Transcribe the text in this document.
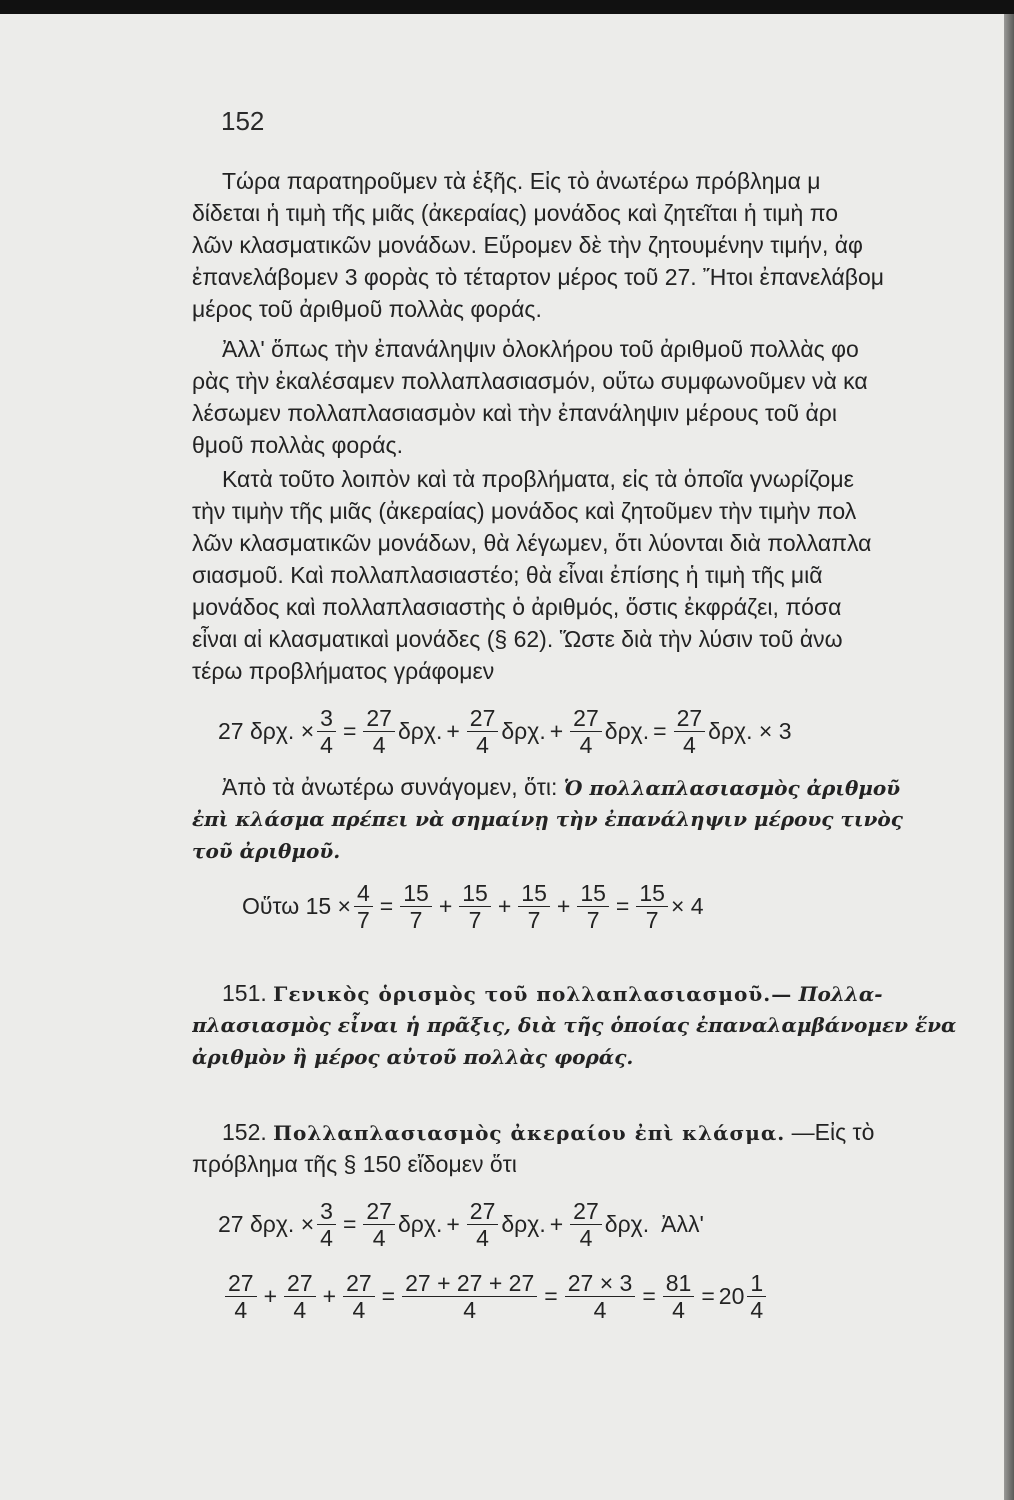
152
Τώρα παρατηροῦμεν τὰ ἑξῆς. Εἰς τὸ ἀνωτέρω πρόβλημα μ
δίδεται ἡ τιμὴ τῆς μιᾶς (ἀκεραίας) μονάδος καὶ ζητεῖται ἡ τιμὴ πο
λῶν κλασματικῶν μονάδων. Εὕρομεν δὲ τὴν ζητουμένην τιμήν, ἀφ
ἐπανελάβομεν 3 φορὰς τὸ τέταρτον μέρος τοῦ 27. Ἤτοι ἐπανελάβομ
μέρος τοῦ ἀριθμοῦ πολλὰς φοράς.
Ἀλλ' ὅπως τὴν ἐπανάληψιν ὁλοκλήρου τοῦ ἀριθμοῦ πολλὰς φο
ρὰς τὴν ἐκαλέσαμεν πολλαπλασιασμόν, οὕτω συμφωνοῦμεν νὰ κα
λέσωμεν πολλαπλασιασμὸν καὶ τὴν ἐπανάληψιν μέρους τοῦ ἀρι
θμοῦ πολλὰς φοράς.
Κατὰ τοῦτο λοιπὸν καὶ τὰ προβλήματα, εἰς τὰ ὁποῖα γνωρίζομε
τὴν τιμὴν τῆς μιᾶς (ἀκεραίας) μονάδος καὶ ζητοῦμεν τὴν τιμὴν πολ
λῶν κλασματικῶν μονάδων, θὰ λέγωμεν, ὅτι λύονται διὰ πολλαπλα
σιασμοῦ. Καὶ πολλαπλασιαστέο; θὰ εἶναι ἐπίσης ἡ τιμὴ τῆς μιᾶ
μονάδος καὶ πολλαπλασιαστὴς ὁ ἀριθμός, ὅστις ἐκφράζει, πόσα
εἶναι αἱ κλασματικαὶ μονάδες (§ 62). Ὥστε διὰ τὴν λύσιν τοῦ ἀνω
τέρω προβλήματος γράφομεν
27 δρχ. × $\frac{3}{4} = \frac{27}{4} \delta\rho\chi$. + $\frac{27}{4} \delta\rho\chi$. + $\frac{27}{4} \delta\rho\chi$. = $\frac{27}{4} \delta\rho\chi$. × 3
Ἀπὸ τὰ ἀνωτέρω συνάγομεν, ὅτι: Ὁ πολλαπλασιασμὸς ἀριθμοῦ
ἐπὶ κλάσμα πρέπει νὰ σημαίνῃ τὴν ἐπανάληψιν μέρους τινὸς
τοῦ ἀριθμοῦ.
Οὕτω $15 \times \frac{4}{7} = \frac{15}{7} + \frac{15}{7} + \frac{15}{7} + \frac{15}{7} = \frac{15}{7} \times 4$
151. Γενικὸς ὁρισμὸς τοῦ πολλαπλασιασμοῦ.— Πολλα-
πλασιασμὸς εἶναι ἡ πρᾶξις, διὰ τῆς ὁποίας ἐπαναλαμβάνομεν ἕνα
ἀριθμὸν ἢ μέρος αὐτοῦ πολλὰς φοράς.
152. Πολλαπλασιασμὸς ἀκεραίου ἐπὶ κλάσμα. —Εἰς τὸ
πρόβλημα τῆς § 150 εἴδομεν ὅτι
27 δρχ. × $\frac{3}{4} = \frac{27}{4} \delta\rho\chi$. + $\frac{27}{4} \delta\rho\chi$. + $\frac{27}{4} \delta\rho\chi$. Ἀλλ'
27
4
+ $\frac{27}{4} + \frac{27}{4} = \frac{27 + 27 + 27}{4} = \frac{27 \times 3}{4} = \frac{81}{4} = 20$ 1
4
